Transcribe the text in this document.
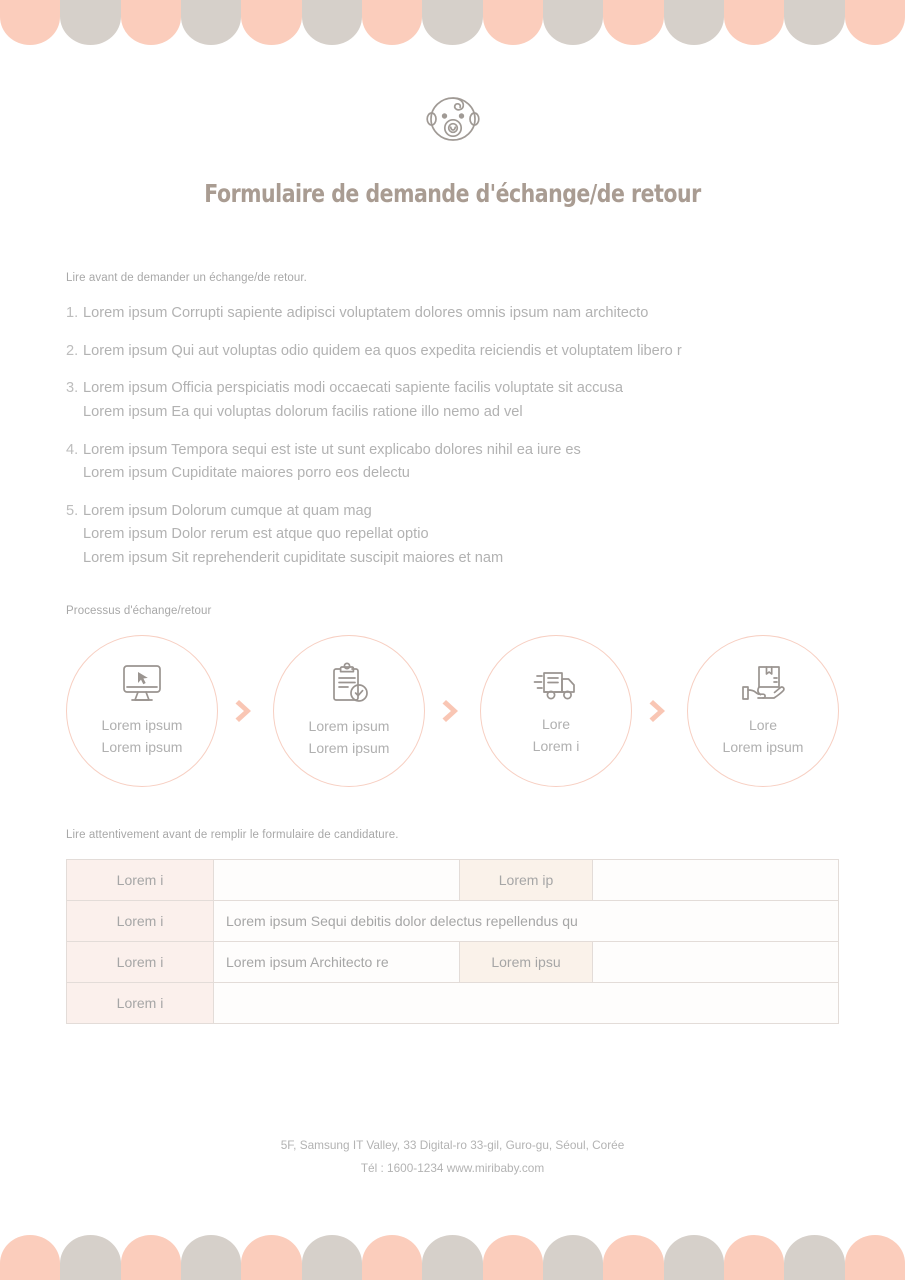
Formulaire de demande d'échange/de retour
Lire avant de demander un échange/de retour.
1. Lorem ipsum Corrupti sapiente adipisci voluptatem dolores omnis ipsum nam architecto
2. Lorem ipsum Qui aut voluptas odio quidem ea quos expedita reiciendis et voluptatem libero r
3. Lorem ipsum Officia perspiciatis modi occaecati sapiente facilis voluptate sit accusa
Lorem ipsum Ea qui voluptas dolorum facilis ratione illo nemo ad vel
4. Lorem ipsum Tempora sequi est iste ut sunt explicabo dolores nihil ea iure es
Lorem ipsum Cupiditate maiores porro eos delectu
5. Lorem ipsum Dolorum cumque at quam mag
Lorem ipsum Dolor rerum est atque quo repellat optio
Lorem ipsum Sit reprehenderit cupiditate suscipit maiores et nam
Processus d'échange/retour
Lorem ipsum
Lorem ipsum
Lorem ipsum
Lorem ipsum
Lore
Lorem i
Lore
Lorem ipsum
Lire attentivement avant de remplir le formulaire de candidature.
Lorem i		Lorem ip	
Lorem i	Lorem ipsum Sequi debitis dolor delectus repellendus qu		
Lorem i	Lorem ipsum Architecto re	Lorem ipsu	
Lorem i			
5F, Samsung IT Valley, 33 Digital-ro 33-gil, Guro-gu, Séoul, Corée
Tél : 1600-1234 www.miribaby.com
